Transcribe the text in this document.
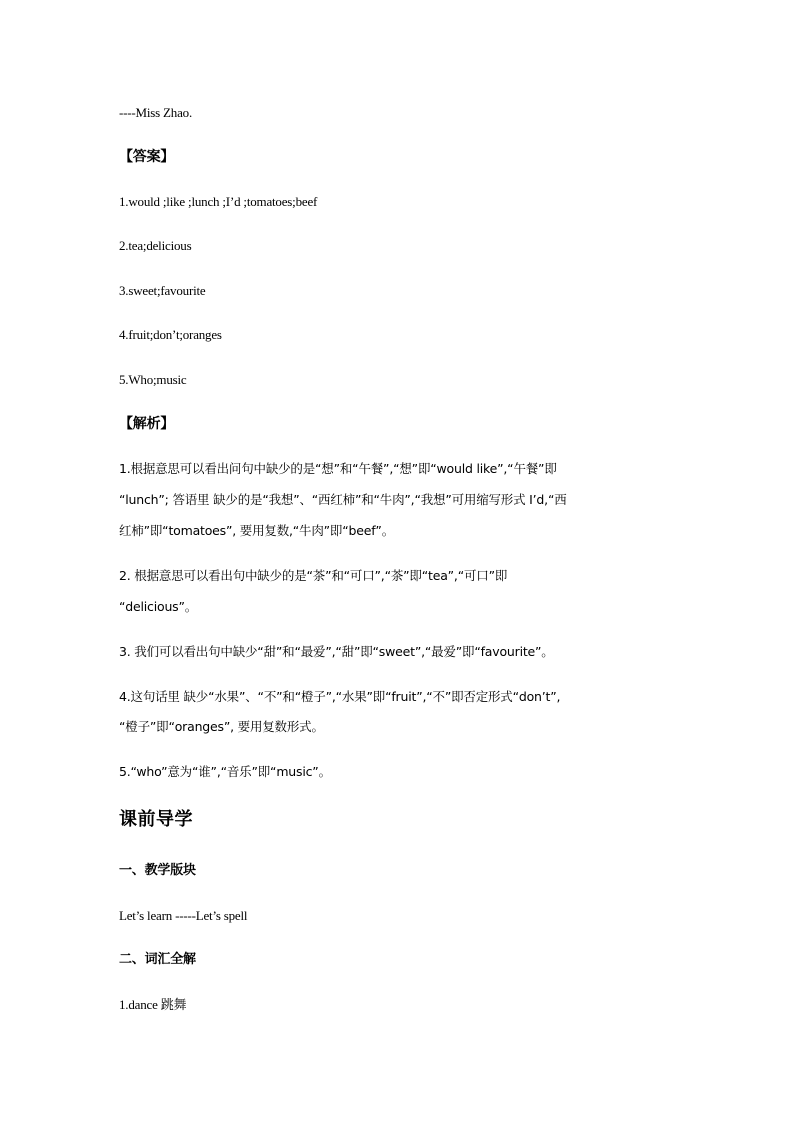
----Miss Zhao.
【答案】
1.would ;like ;lunch ;I’d ;tomatoes;beef
2.tea;delicious
3.sweet;favourite
4.fruit;don’t;oranges
5.Who;music
【解析】
1.根据意思可以看出问句中缺少的是“想”和“午餐”,“想”即“would like”,“午餐”即
“lunch”; 答语里 缺少的是“我想”、“西红柿”和“牛肉”,“我想”可用缩写形式 I’d,“西
红柿”即“tomatoes”, 要用复数,“牛肉”即“beef”。
2. 根据意思可以看出句中缺少的是“茶”和“可口”,“茶”即“tea”,“可口”即
“delicious”。
3. 我们可以看出句中缺少“甜”和“最爱”,“甜”即“sweet”,“最爱”即“favourite”。
4.这句话里 缺少“水果”、“不”和“橙子”,“水果”即“fruit”,“不”即否定形式“don’t”,
“橙子”即“oranges”, 要用复数形式。
5.“who”意为“谁”,“音乐”即“music”。
课前导学
一、教学版块
Let’s learn -----Let’s spell
二、词汇全解
1.dance 跳舞
